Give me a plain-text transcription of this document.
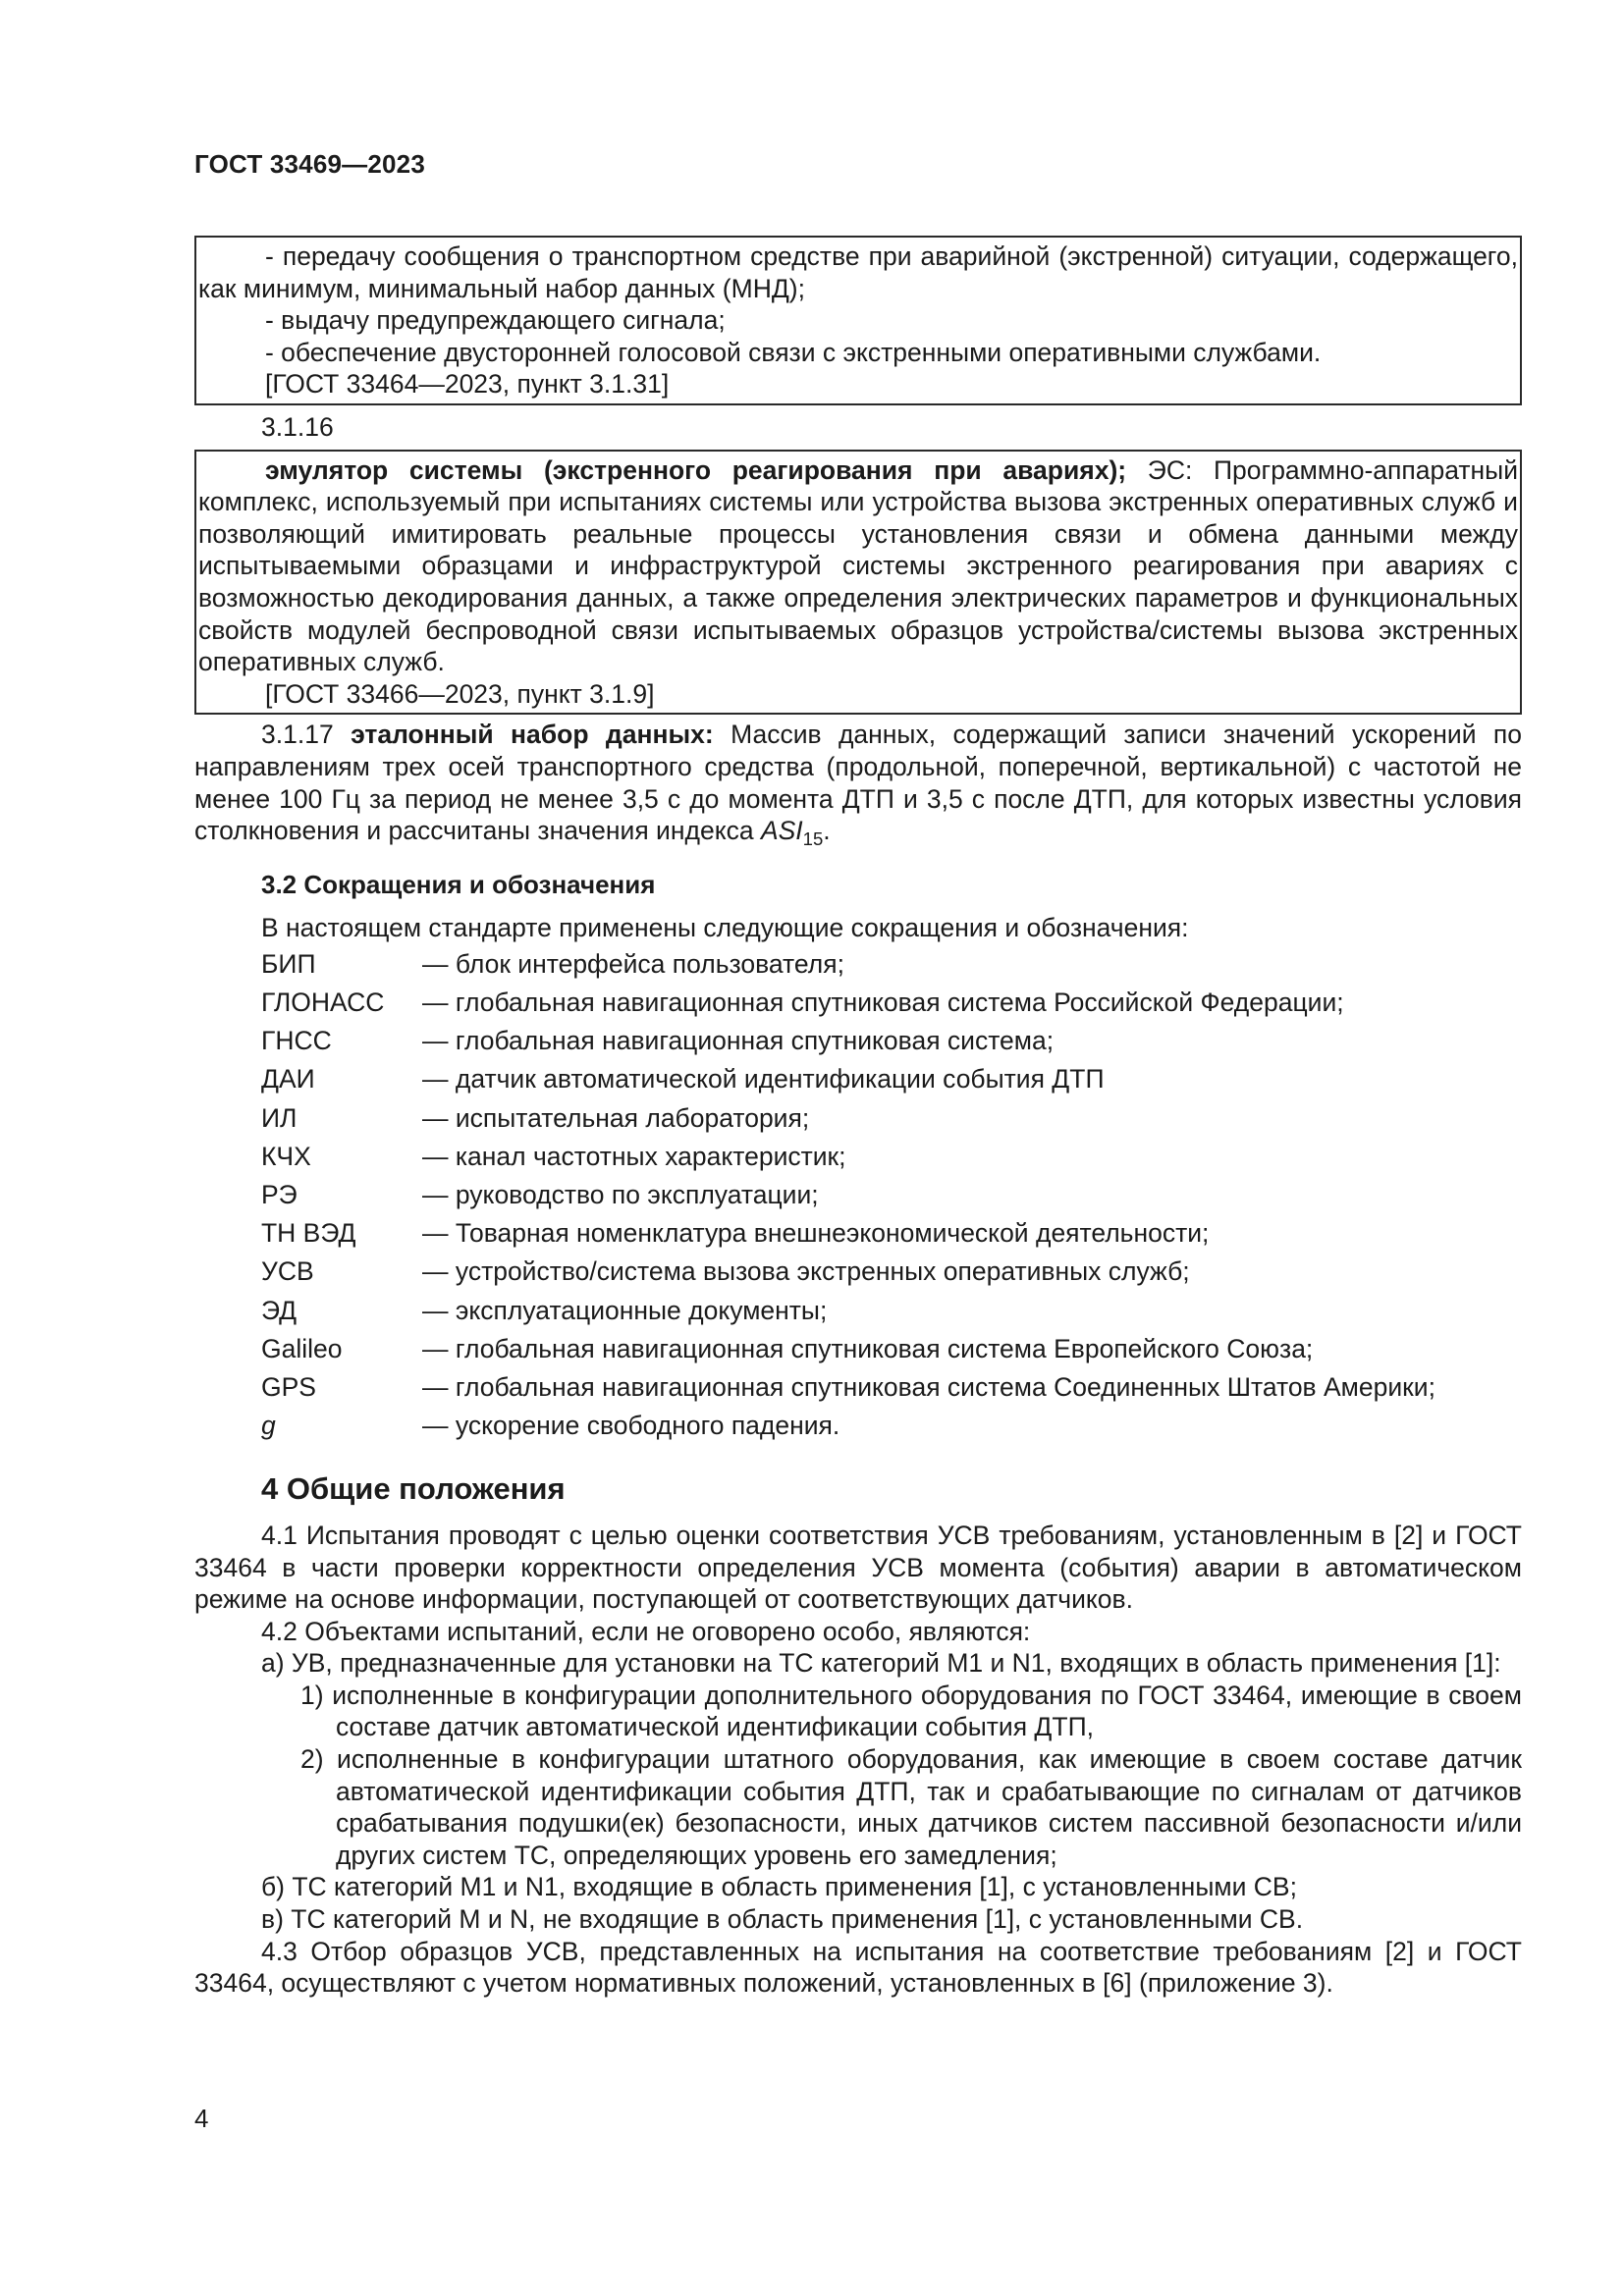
ГОСТ 33469—2023

- передачу сообщения о транспортном средстве при аварийной (экстренной) ситуации, содержащего, как минимум, минимальный набор данных (МНД);

- выдачу предупреждающего сигнала;

- обеспечение двусторонней голосовой связи с экстренными оперативными службами.

[ГОСТ 33464—2023, пункт 3.1.31]

3.1.16

эмулятор системы (экстренного реагирования при авариях); ЭС: Программно-аппаратный комплекс, используемый при испытаниях системы или устройства вызова экстренных оперативных служб и позволяющий имитировать реальные процессы установления связи и обмена данными между испытываемыми образцами и инфраструктурой системы экстренного реагирования при авариях с возможностью декодирования данных, а также определения электрических параметров и функциональных свойств модулей беспроводной связи испытываемых образцов устройства/системы вызова экстренных оперативных служб.

[ГОСТ 33466—2023, пункт 3.1.9]

3.1.17 эталонный набор данных: Массив данных, содержащий записи значений ускорений по направлениям трех осей транспортного средства (продольной, поперечной, вертикальной) с частотой не менее 100 Гц за период не менее 3,5 с до момента ДТП и 3,5 с после ДТП, для которых известны условия столкновения и рассчитаны значения индекса $ASI_{15}$.

3.2 Сокращения и обозначения

В настоящем стандарте применены следующие сокращения и обозначения:

БИП	— блок интерфейса пользователя;
ГЛОНАСС	— глобальная навигационная спутниковая система Российской Федерации;
ГНСС	— глобальная навигационная спутниковая система;
ДАИ	— датчик автоматической идентификации события ДТП
ИЛ	— испытательная лаборатория;
КЧХ	— канал частотных характеристик;
РЭ	— руководство по эксплуатации;
ТН ВЭД	— Товарная номенклатура внешнеэкономической деятельности;
УСВ	— устройство/система вызова экстренных оперативных служб;
ЭД	— эксплуатационные документы;
Galileo	— глобальная навигационная спутниковая система Европейского Союза;
GPS	— глобальная навигационная спутниковая система Соединенных Штатов Америки;
g	— ускорение свободного падения.
4 Общие положения

4.1 Испытания проводят с целью оценки соответствия УСВ требованиям, установленным в [2] и ГОСТ 33464 в части проверки корректности определения УСВ момента (события) аварии в автоматическом режиме на основе информации, поступающей от соответствующих датчиков.

4.2 Объектами испытаний, если не оговорено особо, являются:

а) УВ, предназначенные для установки на ТС категорий М1 и N1, входящих в область применения [1]:

1) исполненные в конфигурации дополнительного оборудования по ГОСТ 33464, имеющие в своем составе датчик автоматической идентификации события ДТП,

2) исполненные в конфигурации штатного оборудования, как имеющие в своем составе датчик автоматической идентификации события ДТП, так и срабатывающие по сигналам от датчиков срабатывания подушки(ек) безопасности, иных датчиков систем пассивной безопасности и/или других систем ТС, определяющих уровень его замедления;

б) ТС категорий М1 и N1, входящие в область применения [1], с установленными СВ;

в) ТС категорий М и N, не входящие в область применения [1], с установленными СВ.

4.3 Отбор образцов УСВ, представленных на испытания на соответствие требованиям [2] и ГОСТ 33464, осуществляют с учетом нормативных положений, установленных в [6] (приложение 3).

4
